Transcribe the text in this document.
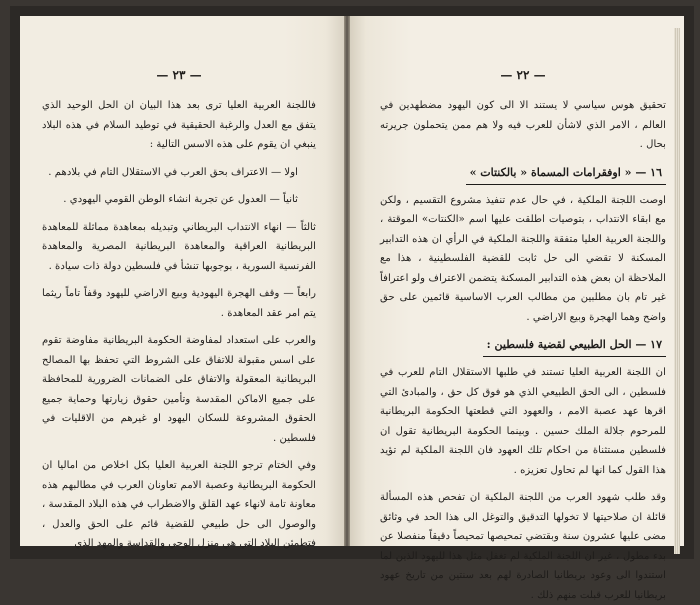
— ٢٣ —

فاللجنة العربية العليا ترى بعد هذا البيان ان الحل الوحيد الذي يتفق مع العدل والرغبة الحقيقية في توطيد السلام في هذه البلاد ينبغي ان يقوم على هذه الاسس التالية :

اولا — الاعتراف بحق العرب في الاستقلال التام في بلادهم .

ثانياً — العدول عن تجربة انشاء الوطن القومي اليهودي .

ثالثاً — انهاء الانتداب البريطاني وتبديله بمعاهدة مماثلة للمعاهدة البريطانية العراقية والمعاهدة البريطانية المصرية والمعاهدة الفرنسية السورية ، بوجوبها تنشأ في فلسطين دولة ذات سيادة .

رابعاً — وقف الهجرة اليهودية وبيع الاراضي لليهود وقفاً تاماً ريثما يتم امر عقد المعاهدة .

والعرب على استعداد لمفاوضة الحكومة البريطانية مفاوضة تقوم على اسس مقبولة للاتفاق على الشروط التي تحفظ بها المصالح البريطانية المعقولة والاتفاق على الضمانات الضرورية للمحافظة على جميع الاماكن المقدسة وتأمين حقوق زيارتها وحماية جميع الحقوق المشروعة للسكان اليهود او غيرهم من الاقليات في فلسطين .

وفي الختام ترجو اللجنة العربية العليا بكل اخلاص من اماليا ان الحكومة البريطانية وعصبة الامم تعاونان العرب في مطالبهم هذه معاونة تامة لانهاء عهد القلق والاضطراب في هذه البلاد المقدسة ، والوصول الى حل طبيعي للقضية قائم على الحق والعدل ، فتطمئن البلاد التي هي منزل الوحي والقداسة والمهد الذي

— ٢٢ —

تحقيق هوس سياسي لا يستند الا الى كون اليهود مضطهدين في العالم ، الامر الذي لاشأن للعرب فيه ولا هم ممن يتحملون جريرته بحال .

١٦ — « اوفقرامات المسماة « بالكنتات »

اوصت اللجنة الملكية ، في حال عدم تنفيذ مشروع التقسيم ، ولكن مع ابقاء الانتداب ، بتوصيات اطلقت عليها اسم «الكنتات» الموقتة ، واللجنة العربية العليا متفقة واللجنة الملكية في الرأي ان هذه التدابير المسكنة لا تقضي الى حل ثابت للقضية الفلسطينية ، هذا مع الملاحظة ان بعض هذه التدابير المسكنة يتضمن الاعتراف ولو اعترافاً غير تام بان مطلبين من مطالب العرب الاساسية قائمين على حق واضح وهما الهجرة وبيع الاراضي .

١٧ — الحل الطبيعي لقضية فلسطين :

ان اللجنة العربية العليا تستند في طلبها الاستقلال التام للعرب في فلسطين ، الى الحق الطبيعي الذي هو فوق كل حق ، والمبادئ التي اقرها عهد عصبة الامم ، والعهود التي قطعتها الحكومة البريطانية للمرحوم جلالة الملك حسين . وبينما الحكومة البريطانية تقول ان فلسطين مستثناة من احكام تلك العهود فان اللجنة الملكية لم تؤيد هذا القول كما انها لم تحاول تعزيزه .

وقد طلب شهود العرب من اللجنة الملكية ان تفحص هذه المسألة قائلة ان صلاحيتها لا تخولها التدقيق والتوغل الى هذا الحد في وثائق مضى عليها عشرون سنة وبقتضي تمحيصها تمحيصاً دقيقاً منفصلا عن بدء مطول ، غير ان اللجنة الملكية لم تغفل مثل هذا لليهود الذين لما استندوا الى وعود بريطانيا الصادرة لهم بعد سنتين من تاريخ عهود بريطانيا للعرب قبلت منهم ذلك .
